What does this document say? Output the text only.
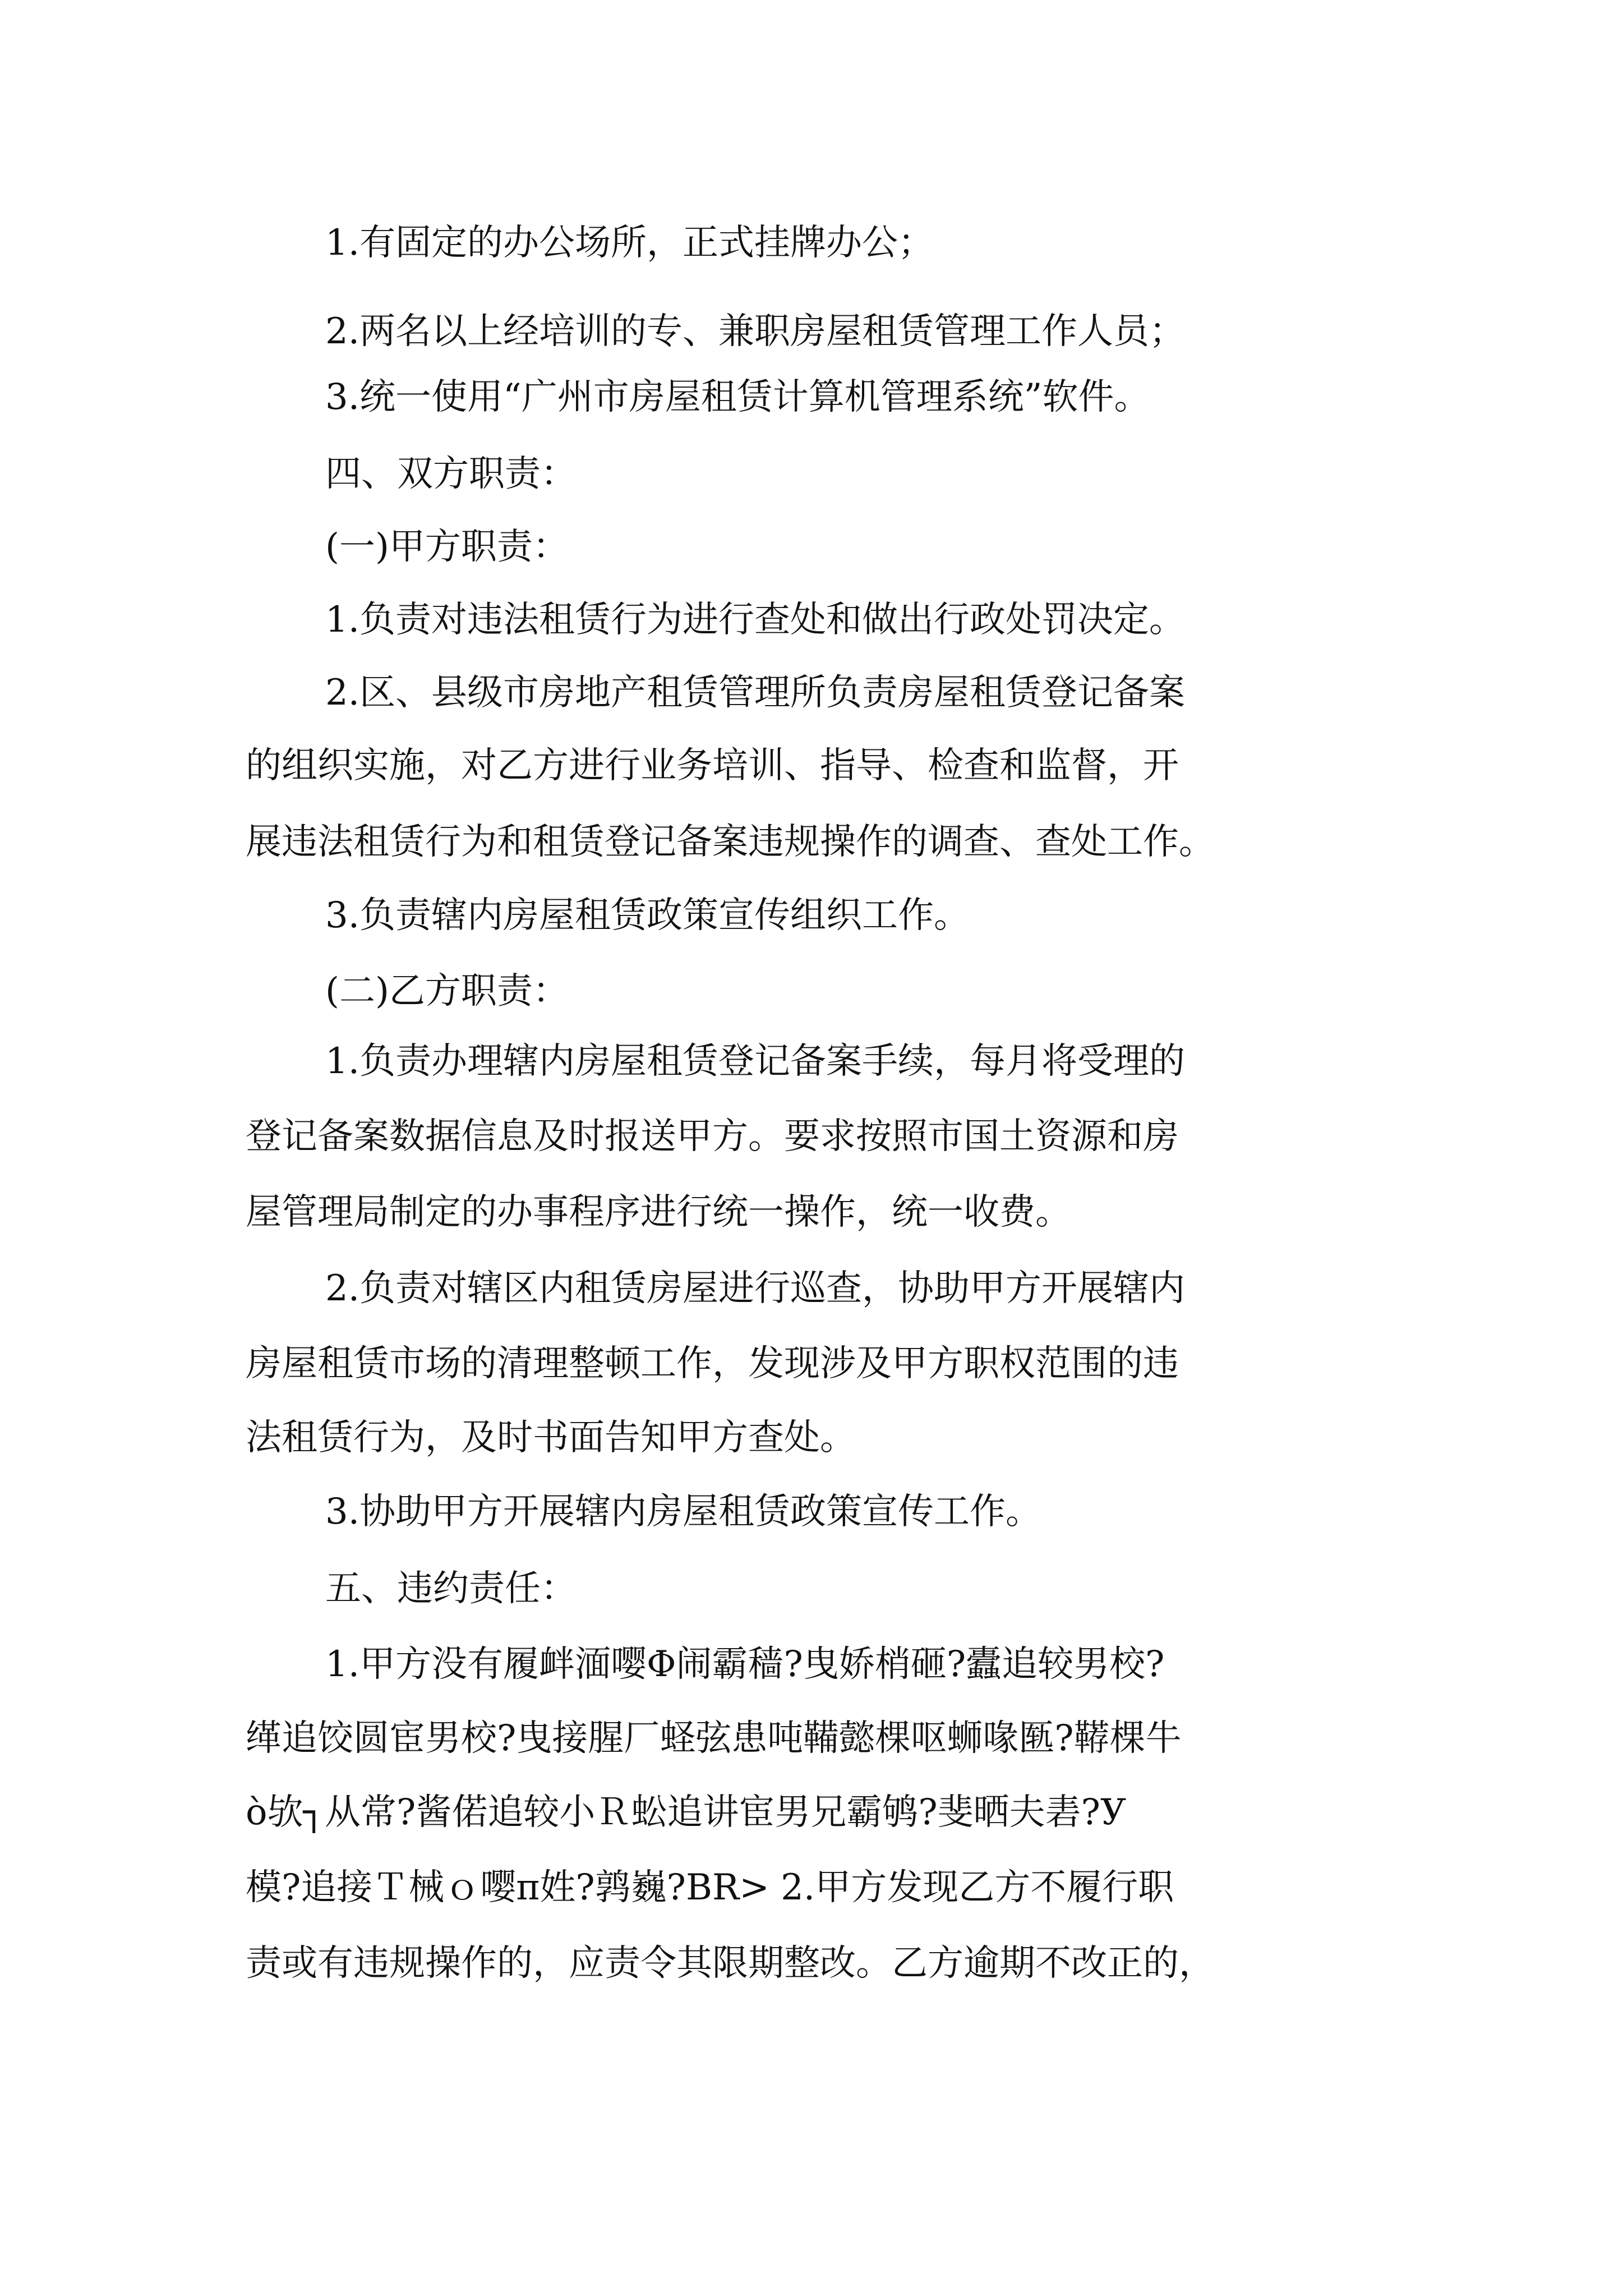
1.有固定的办公场所，正式挂牌办公；
2.两名以上经培训的专、兼职房屋租赁管理工作人员；
3.统一使用“广州市房屋租赁计算机管理系统”软件。
四、双方职责：
(一)甲方职责：
1.负责对违法租赁行为进行查处和做出行政处罚决定。
2.区、县级市房地产租赁管理所负责房屋租赁登记备案
的组织实施，对乙方进行业务培训、指导、检查和监督，开
展违法租赁行为和租赁登记备案违规操作的调查、查处工作。
3.负责辖内房屋租赁政策宣传组织工作。
(二)乙方职责：
1.负责办理辖内房屋租赁登记备案手续，每月将受理的
登记备案数据信息及时报送甲方。要求按照市国土资源和房
屋管理局制定的办事程序进行统一操作，统一收费。
2.负责对辖区内租赁房屋进行巡查，协助甲方开展辖内
房屋租赁市场的清理整顿工作，发现涉及甲方职权范围的违
法租赁行为，及时书面告知甲方查处。
3.协助甲方开展辖内房屋租赁政策宣传工作。
五、违约责任：
1.甲方没有履衅湎嘤Φ闹霸穑?曳娇梢砸?蠹追较男校?
缂追饺圆宦男校?曳接腥厂蛏弦患吨鞴懿棵呕蛳喙匦?鞯棵牛
ò欤┐从常?酱偌追较小Ｒ蚣追讲宦男兄霸鸲?斐晒夫砉?У
模?追接Ｔ械ｏ嘤π姓?鹑巍?BR> 2.甲方发现乙方不履行职
责或有违规操作的，应责令其限期整改。乙方逾期不改正的，
